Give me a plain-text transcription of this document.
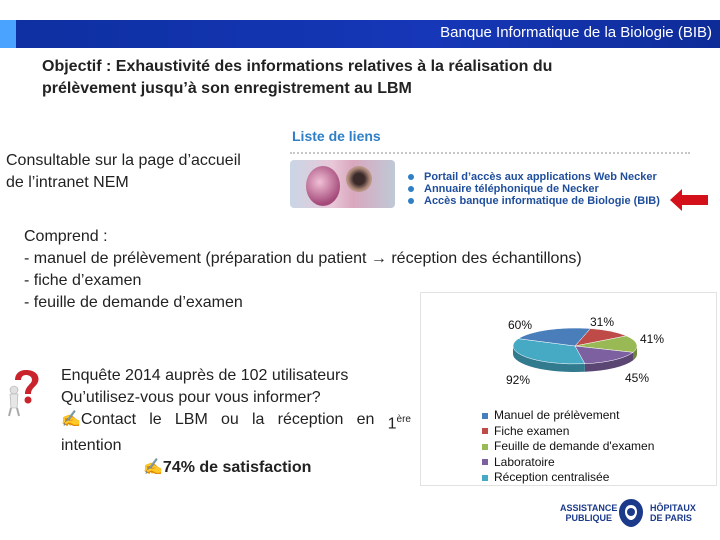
Banque Informatique de la Biologie (BIB)
Objectif : Exhaustivité des informations relatives à la réalisation du
prélèvement jusqu’à son enregistrement au LBM
Consultable sur la page d’accueil
de l’intranet NEM
Liste de liens
Portail d’accès aux applications Web Necker
Annuaire téléphonique de Necker
Accès banque informatique de Biologie (BIB)
Comprend :
- manuel de prélèvement (préparation du patient → réception des échantillons)
- fiche d’examen
- feuille de demande d’examen
Enquête 2014 auprès de 102 utilisateurs
Qu’utilisez-vous pour vous informer?
✍Contact le LBM ou la réception en 1ère
intention
✍74% de satisfaction
60%	31%
41%
45%
92%
Manuel de prélèvement
Fiche examen
Feuille de demande d'examen
Laboratoire
Réception centralisée
ASSISTANCE
PUBLIQUE
HÔPITAUX
DE PARIS
